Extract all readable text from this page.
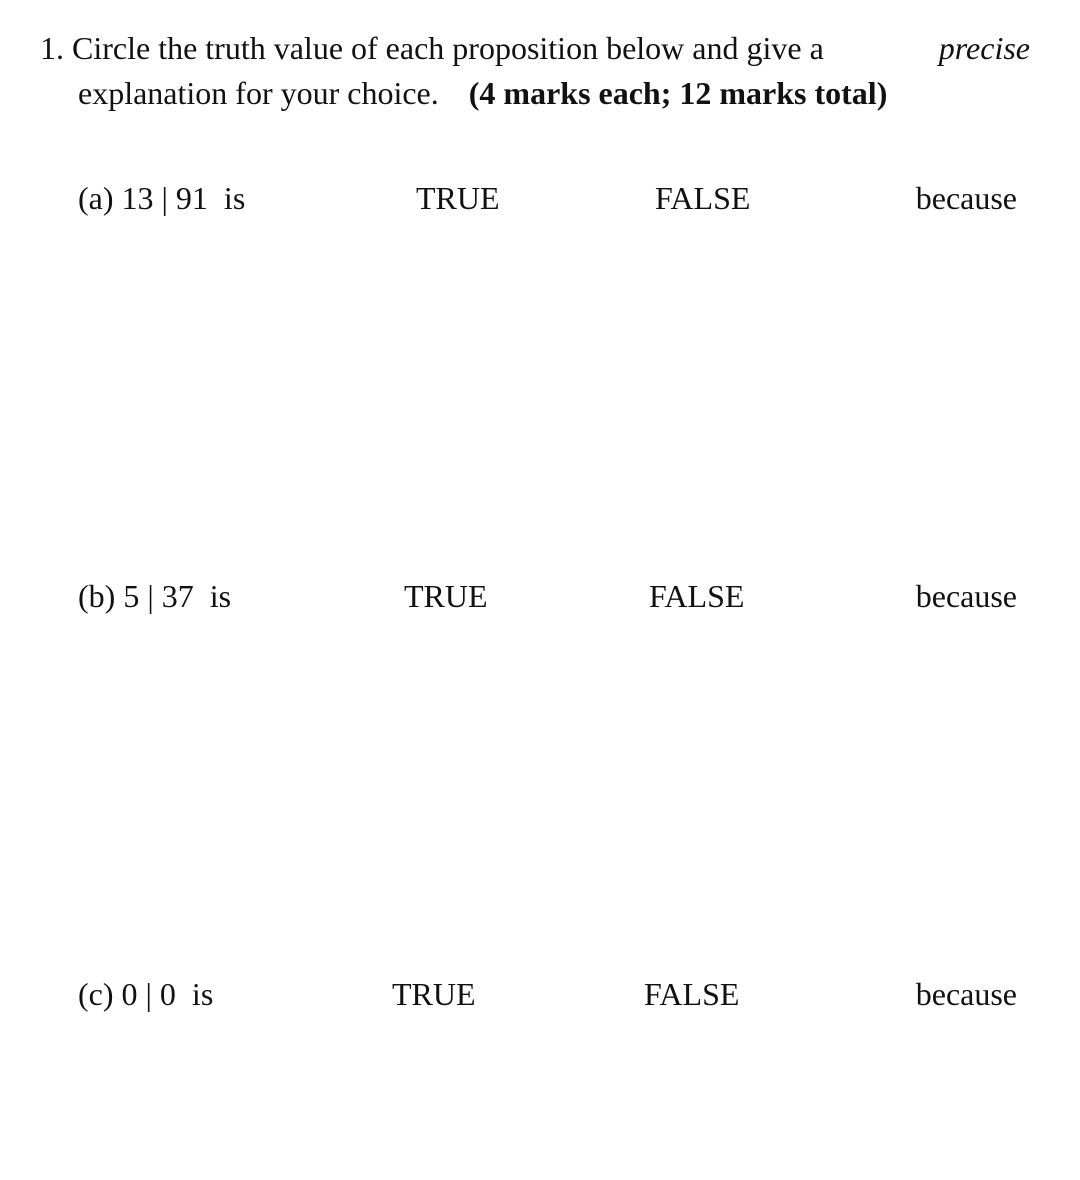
1. Circle the truth value of each proposition below and give a	precise
explanation for your choice. (4 marks each; 12 marks total)
(a) 13 | 91 is	TRUE	FALSE	because
(b) 5 | 37 is	TRUE	FALSE	because
(c) 0 | 0 is	TRUE	FALSE	because
